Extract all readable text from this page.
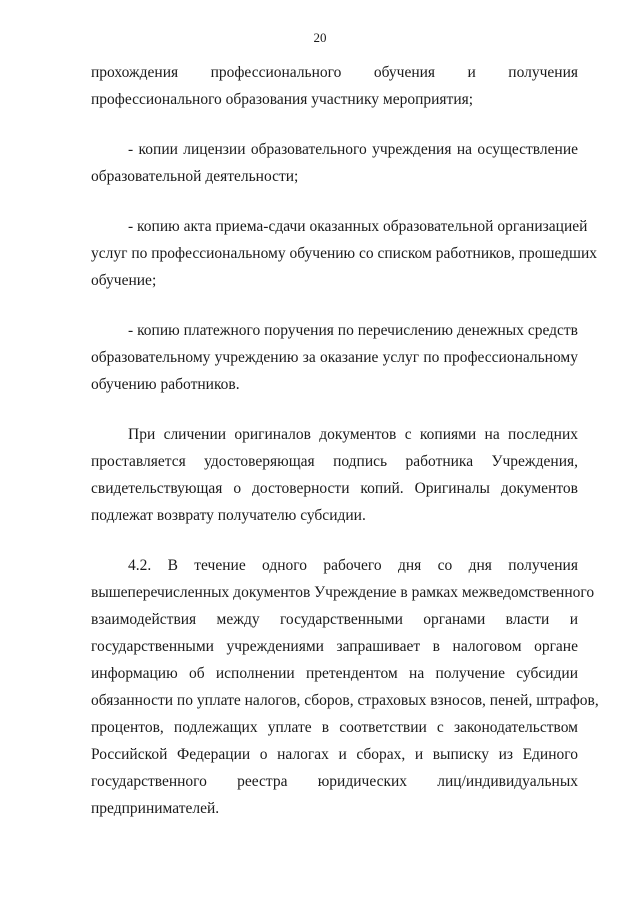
20
прохождения профессионального обучения и получения
профессионального образования участнику мероприятия;
- копии лицензии образовательного учреждения на осуществление
образовательной деятельности;
- копию акта приема-сдачи оказанных образовательной организацией
услуг по профессиональному обучению со списком работников, прошедших
обучение;
- копию платежного поручения по перечислению денежных средств
образовательному учреждению за оказание услуг по профессиональному
обучению работников.
При сличении оригиналов документов с копиями на последних
проставляется удостоверяющая подпись работника Учреждения,
свидетельствующая о достоверности копий. Оригиналы документов
подлежат возврату получателю субсидии.
4.2. В течение одного рабочего дня со дня получения
вышеперечисленных документов Учреждение в рамках межведомственного
взаимодействия между государственными органами власти и
государственными учреждениями запрашивает в налоговом органе
информацию об исполнении претендентом на получение субсидии
обязанности по уплате налогов, сборов, страховых взносов, пеней, штрафов,
процентов, подлежащих уплате в соответствии с законодательством
Российской Федерации о налогах и сборах, и выписку из Единого
государственного реестра юридических лиц/индивидуальных
предпринимателей.
